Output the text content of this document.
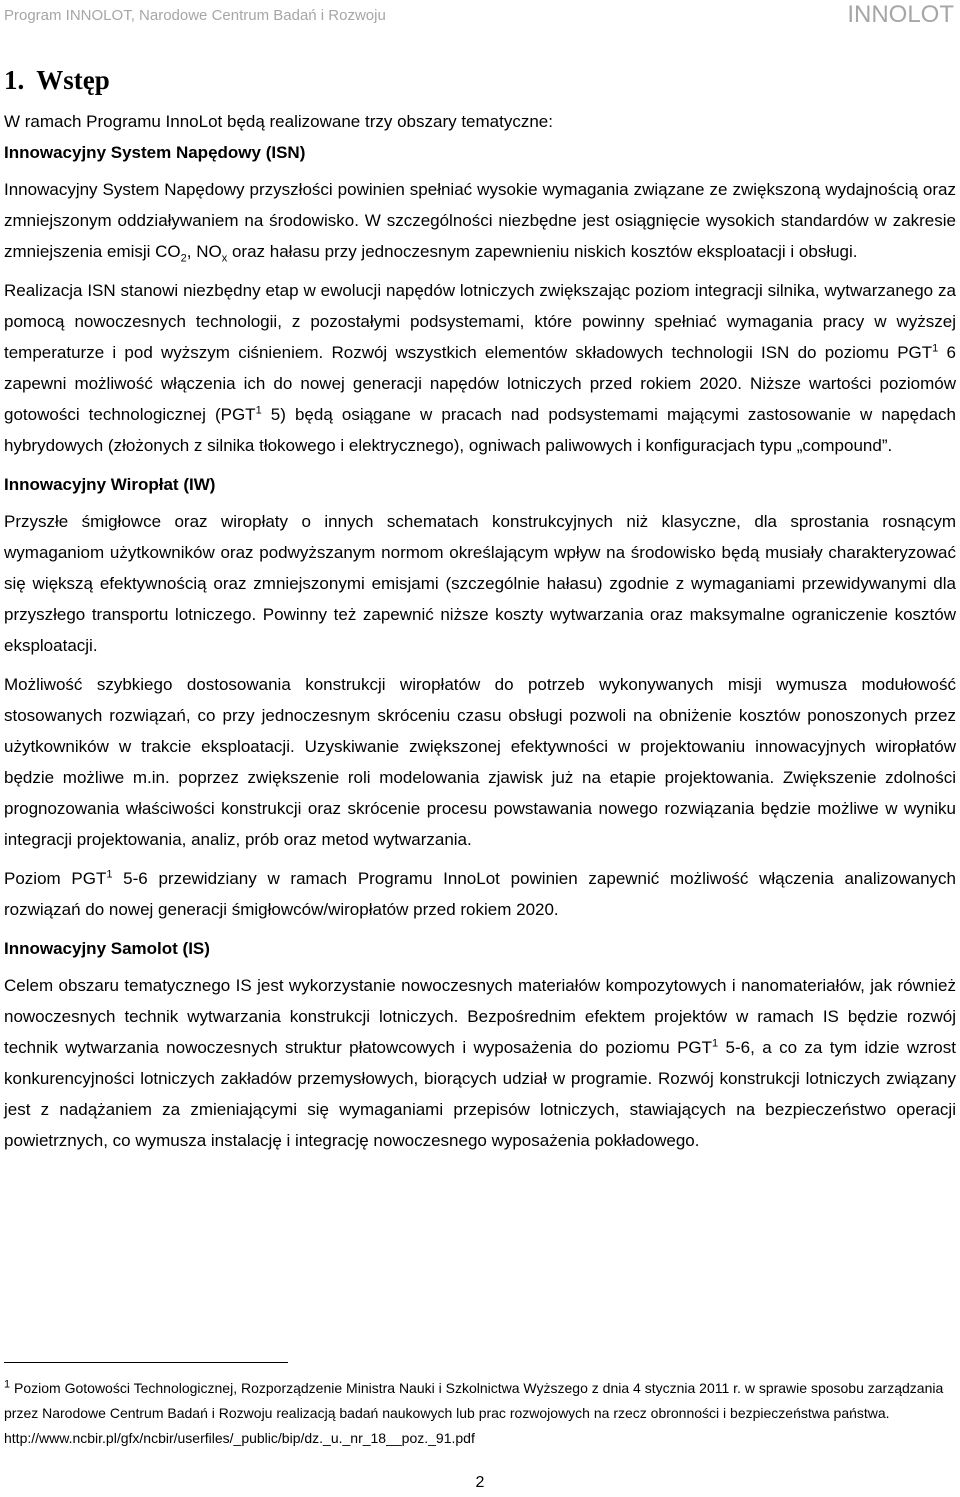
Program INNOLOT, Narodowe Centrum Badań i Rozwoju	INNOLOT
1. Wstęp

W ramach Programu InnoLot będą realizowane trzy obszary tematyczne:

Innowacyjny System Napędowy (ISN)

Innowacyjny System Napędowy przyszłości powinien spełniać wysokie wymagania związane ze zwiększoną wydajnością oraz zmniejszonym oddziaływaniem na środowisko. W szczególności niezbędne jest osiągnięcie wysokich standardów w zakresie zmniejszenia emisji $CO_2$, $NO_x$ oraz hałasu przy jednoczesnym zapewnieniu niskich kosztów eksploatacji i obsługi.

Realizacja ISN stanowi niezbędny etap w ewolucji napędów lotniczych zwiększając poziom integracji silnika, wytwarzanego za pomocą nowoczesnych technologii, z pozostałymi podsystemami, które powinny spełniać wymagania pracy w wyższej temperaturze i pod wyższym ciśnieniem. Rozwój wszystkich elementów składowych technologii ISN do poziomu PGT$^1$ 6 zapewni możliwość włączenia ich do nowej generacji napędów lotniczych przed rokiem 2020. Niższe wartości poziomów gotowości technologicznej (PGT$^1$ 5) będą osiągane w pracach nad podsystemami mającymi zastosowanie w napędach hybrydowych (złożonych z silnika tłokowego i elektrycznego), ogniwach paliwowych i konfiguracjach typu „compound”.

Innowacyjny Wiropłat (IW)

Przyszłe śmigłowce oraz wiropłaty o innych schematach konstrukcyjnych niż klasyczne, dla sprostania rosnącym wymaganiom użytkowników oraz podwyższanym normom określającym wpływ na środowisko będą musiały charakteryzować się większą efektywnością oraz zmniejszonymi emisjami (szczególnie hałasu) zgodnie z wymaganiami przewidywanymi dla przyszłego transportu lotniczego. Powinny też zapewnić niższe koszty wytwarzania oraz maksymalne ograniczenie kosztów eksploatacji.

Możliwość szybkiego dostosowania konstrukcji wiropłatów do potrzeb wykonywanych misji wymusza modułowość stosowanych rozwiązań, co przy jednoczesnym skróceniu czasu obsługi pozwoli na obniżenie kosztów ponoszonych przez użytkowników w trakcie eksploatacji. Uzyskiwanie zwiększonej efektywności w projektowaniu innowacyjnych wiropłatów będzie możliwe m.in. poprzez zwiększenie roli modelowania zjawisk już na etapie projektowania. Zwiększenie zdolności prognozowania właściwości konstrukcji oraz skrócenie procesu powstawania nowego rozwiązania będzie możliwe w wyniku integracji projektowania, analiz, prób oraz metod wytwarzania.

Poziom PGT$^1$ 5-6 przewidziany w ramach Programu InnoLot powinien zapewnić możliwość włączenia analizowanych rozwiązań do nowej generacji śmigłowców/wiropłatów przed rokiem 2020.

Innowacyjny Samolot (IS)

Celem obszaru tematycznego IS jest wykorzystanie nowoczesnych materiałów kompozytowych i nanomateriałów, jak również nowoczesnych technik wytwarzania konstrukcji lotniczych. Bezpośrednim efektem projektów w ramach IS będzie rozwój technik wytwarzania nowoczesnych struktur płatowcowych i wyposażenia do poziomu PGT$^1$ 5-6, a co za tym idzie wzrost konkurencyjności lotniczych zakładów przemysłowych, biorących udział w programie. Rozwój konstrukcji lotniczych związany jest z nadążaniem za zmieniającymi się wymaganiami przepisów lotniczych, stawiających na bezpieczeństwo operacji powietrznych, co wymusza instalację i integrację nowoczesnego wyposażenia pokładowego.

$^1$ Poziom Gotowości Technologicznej, Rozporządzenie Ministra Nauki i Szkolnictwa Wyższego z dnia 4 stycznia 2011 r. w sprawie sposobu zarządzania przez Narodowe Centrum Badań i Rozwoju realizacją badań naukowych lub prac rozwojowych na rzecz obronności i bezpieczeństwa państwa. http://www.ncbir.pl/gfx/ncbir/userfiles/_public/bip/dz._u._nr_18__poz._91.pdf
2
